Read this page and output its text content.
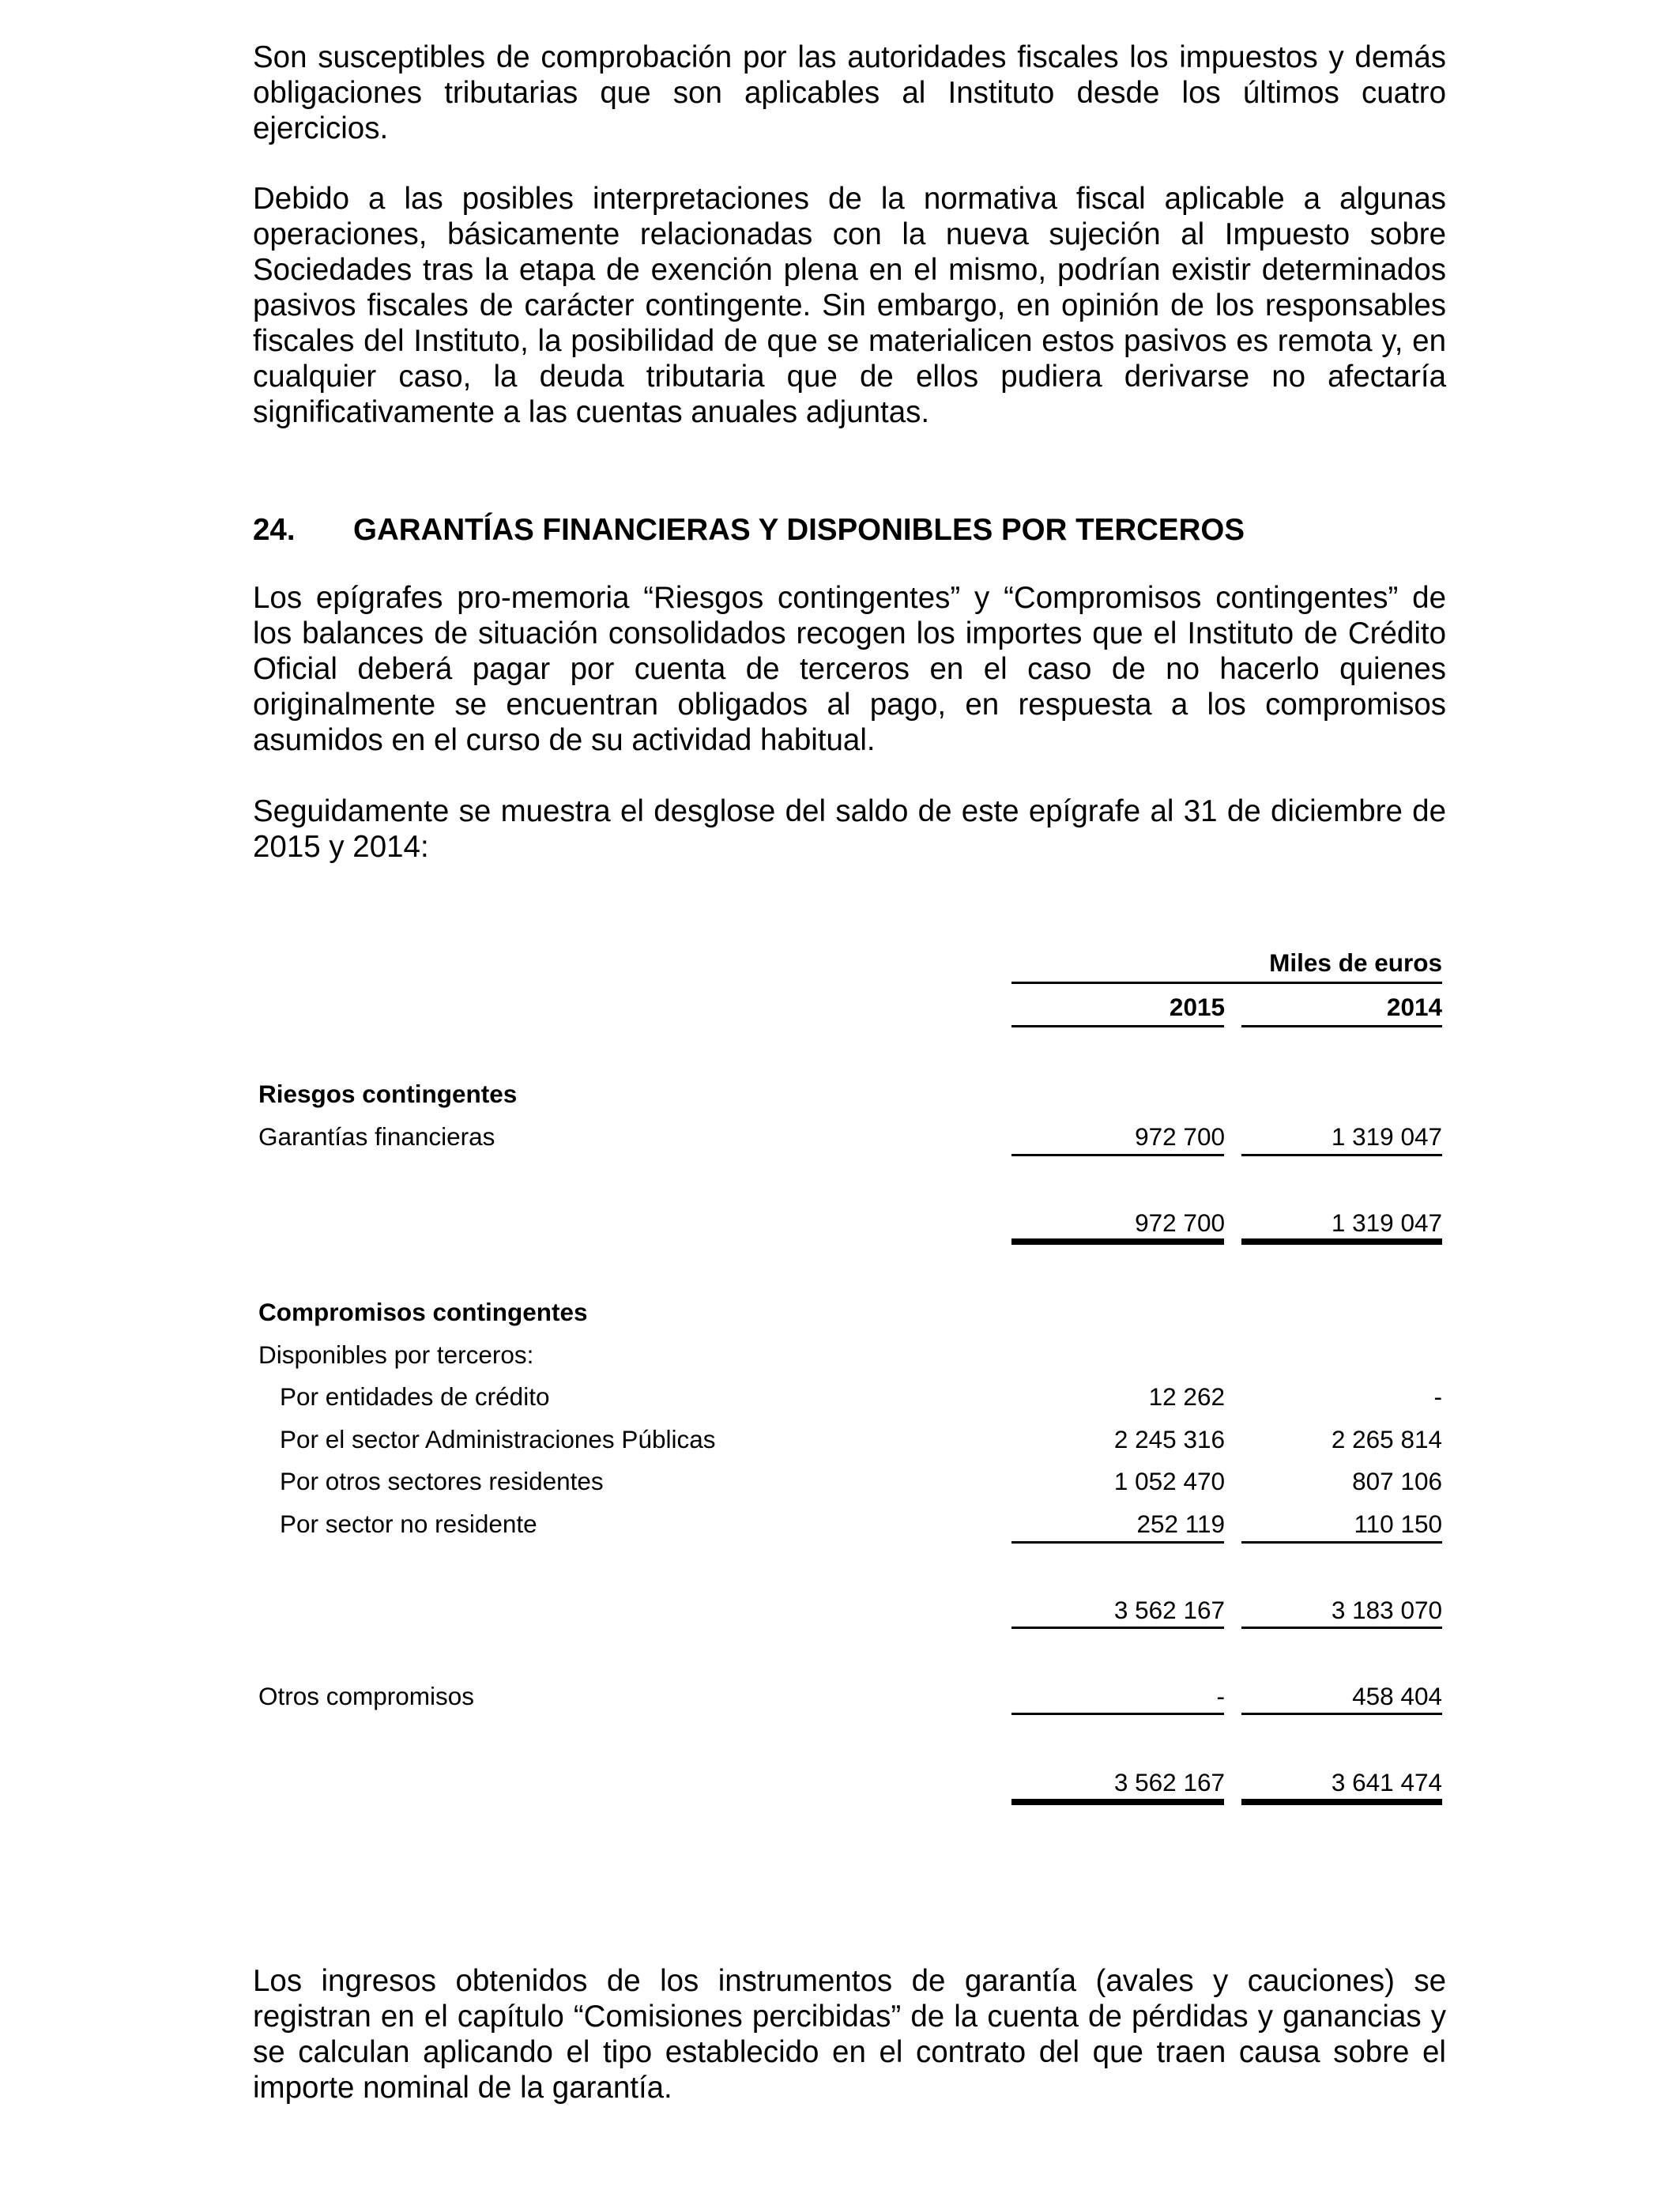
Son susceptibles de comprobación por las autoridades fiscales los impuestos y demás obligaciones tributarias que son aplicables al Instituto desde los últimos cuatro ejercicios.

Debido a las posibles interpretaciones de la normativa fiscal aplicable a algunas operaciones, básicamente relacionadas con la nueva sujeción al Impuesto sobre Sociedades tras la etapa de exención plena en el mismo, podrían existir determinados pasivos fiscales de carácter contingente. Sin embargo, en opinión de los responsables fiscales del Instituto, la posibilidad de que se materialicen estos pasivos es remota y, en cualquier caso, la deuda tributaria que de ellos pudiera derivarse no afectaría significativamente a las cuentas anuales adjuntas.

24. GARANTÍAS FINANCIERAS Y DISPONIBLES POR TERCEROS

Los epígrafes pro-memoria “Riesgos contingentes” y “Compromisos contingentes” de los balances de situación consolidados recogen los importes que el Instituto de Crédito Oficial deberá pagar por cuenta de terceros en el caso de no hacerlo quienes originalmente se encuentran obligados al pago, en respuesta a los compromisos asumidos en el curso de su actividad habitual.

Seguidamente se muestra el desglose del saldo de este epígrafe al 31 de diciembre de 2015 y 2014:

Miles de euros
2015	2014
Riesgos contingentes
Garantías financieras	972 700	1 319 047
972 700	1 319 047
Compromisos contingentes
Disponibles por terceros:
Por entidades de crédito	12 262	-
Por el sector Administraciones Públicas	2 245 316	2 265 814
Por otros sectores residentes	1 052 470	807 106
Por sector no residente	252 119	110 150
3 562 167	3 183 070
Otros compromisos	-	458 404
3 562 167	3 641 474

Los ingresos obtenidos de los instrumentos de garantía (avales y cauciones) se registran en el capítulo “Comisiones percibidas” de la cuenta de pérdidas y ganancias y se calculan aplicando el tipo establecido en el contrato del que traen causa sobre el importe nominal de la garantía.
